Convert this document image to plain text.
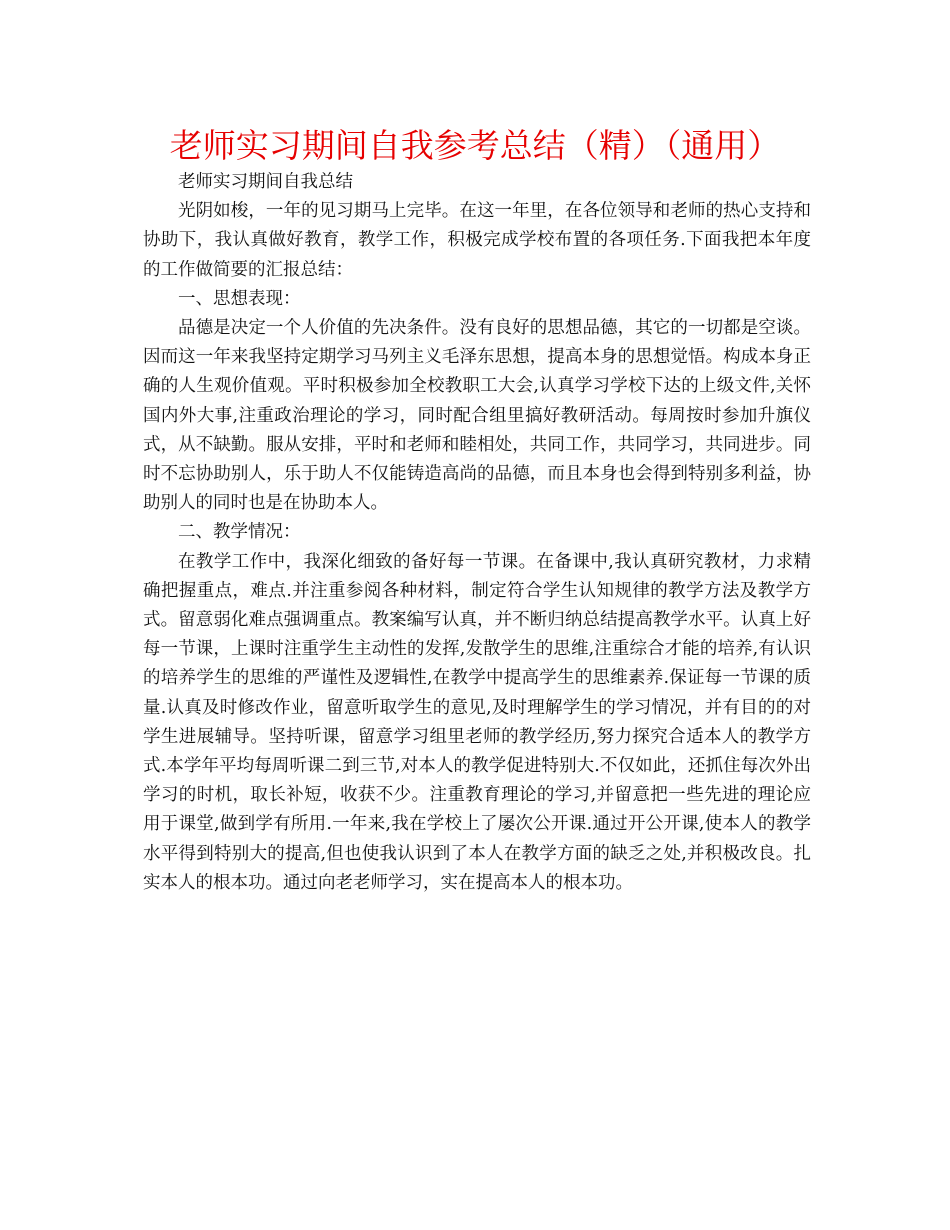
老师实习期间自我参考总结（精）（通用）

老师实习期间自我总结

光阴如梭，一年的见习期马上完毕。在这一年里，在各位领导和老师的热心支持和协助下，我认真做好教育，教学工作，积极完成学校布置的各项任务.下面我把本年度的工作做简要的汇报总结：

一、思想表现：

品德是决定一个人价值的先决条件。没有良好的思想品德，其它的一切都是空谈。因而这一年来我坚持定期学习马列主义毛泽东思想，提高本身的思想觉悟。构成本身正确的人生观价值观。平时积极参加全校教职工大会,认真学习学校下达的上级文件,关怀国内外大事,注重政治理论的学习，同时配合组里搞好教研活动。每周按时参加升旗仪式，从不缺勤。服从安排，平时和老师和睦相处，共同工作，共同学习，共同进步。同时不忘协助别人，乐于助人不仅能铸造高尚的品德，而且本身也会得到特别多利益，协助别人的同时也是在协助本人。

二、教学情况：

在教学工作中，我深化细致的备好每一节课。在备课中,我认真研究教材，力求精确把握重点，难点.并注重参阅各种材料，制定符合学生认知规律的教学方法及教学方式。留意弱化难点强调重点。教案编写认真，并不断归纳总结提高教学水平。认真上好每一节课，上课时注重学生主动性的发挥,发散学生的思维,注重综合才能的培养,有认识的培养学生的思维的严谨性及逻辑性,在教学中提高学生的思维素养.保证每一节课的质量.认真及时修改作业，留意听取学生的意见,及时理解学生的学习情况，并有目的的对学生进展辅导。坚持听课，留意学习组里老师的教学经历,努力探究合适本人的教学方式.本学年平均每周听课二到三节,对本人的教学促进特别大.不仅如此，还抓住每次外出学习的时机，取长补短，收获不少。注重教育理论的学习,并留意把一些先进的理论应用于课堂,做到学有所用.一年来,我在学校上了屡次公开课.通过开公开课,使本人的教学水平得到特别大的提高,但也使我认识到了本人在教学方面的缺乏之处,并积极改良。扎实本人的根本功。通过向老老师学习，实在提高本人的根本功。
